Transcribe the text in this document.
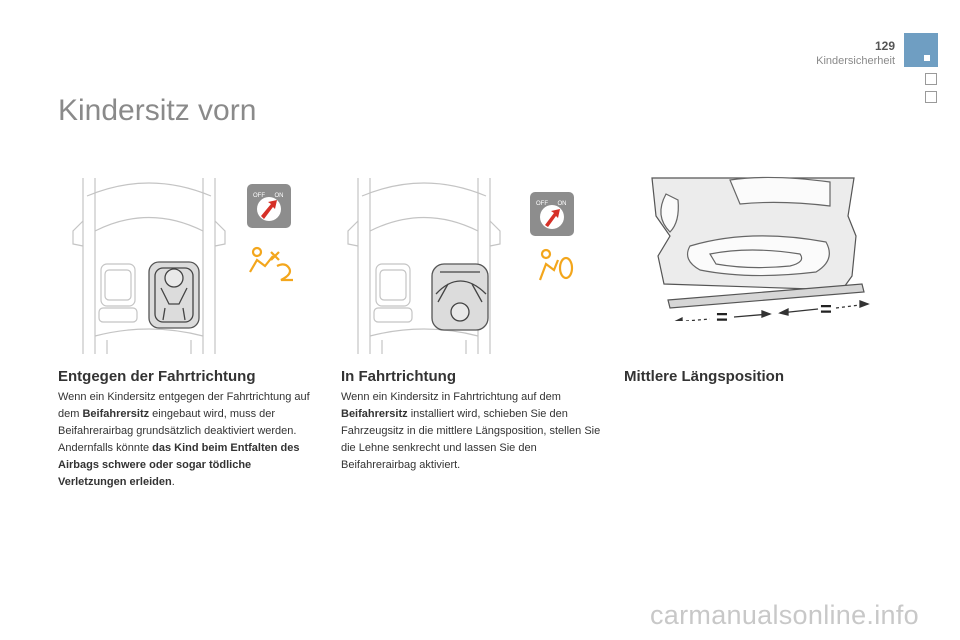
129
Kindersicherheit
Kindersitz vorn
OFF ON
OFF ON
=	=
Entgegen der Fahrtrichtung

Wenn ein Kindersitz entgegen der Fahrtrichtung auf dem Beifahrersitz eingebaut wird, muss der Beifahrerairbag grundsätzlich deaktiviert werden. Andernfalls könnte das Kind beim Entfalten des Airbags schwere oder sogar tödliche Verletzungen erleiden.

In Fahrtrichtung

Wenn ein Kindersitz in Fahrtrichtung auf dem Beifahrersitz installiert wird, schieben Sie den Fahrzeugsitz in die mittlere Längsposition, stellen Sie die Lehne senkrecht und lassen Sie den Beifahrerairbag aktiviert.

Mittlere Längsposition
carmanualsonline.info
